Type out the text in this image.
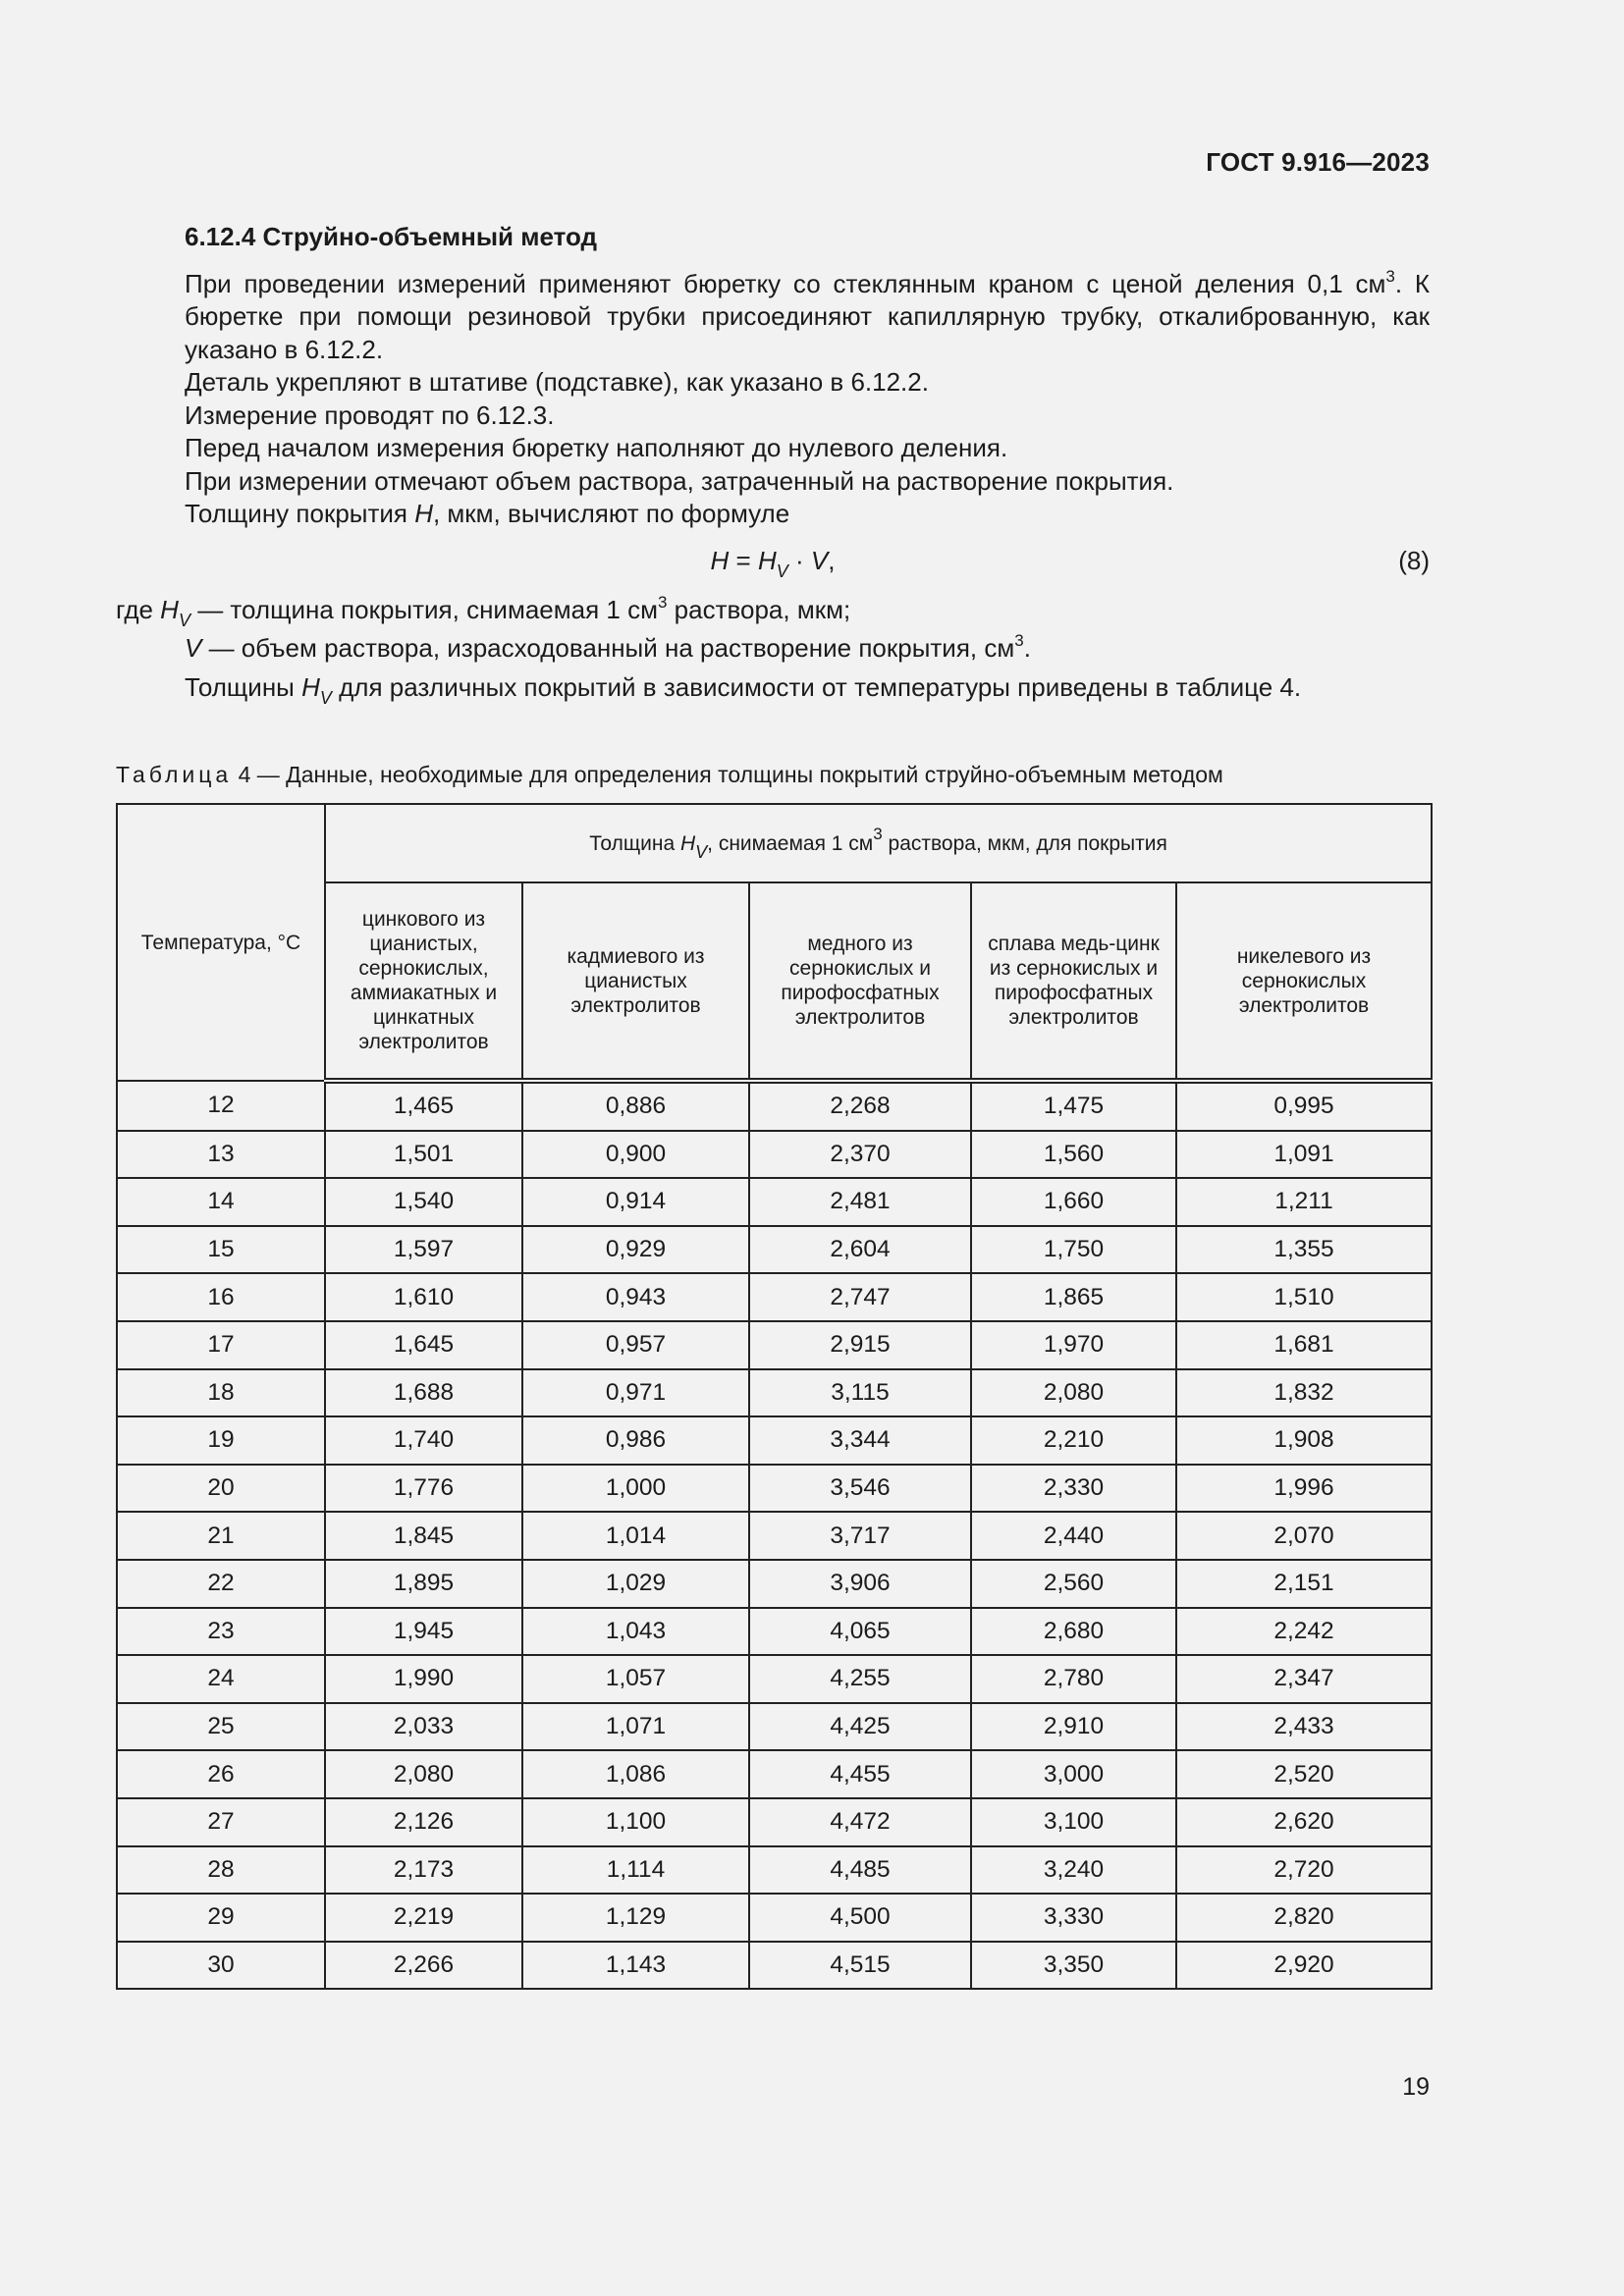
ГОСТ 9.916—2023

6.12.4 Струйно-объемный метод

При проведении измерений применяют бюретку со стеклянным краном с ценой деления 0,1 $см^3$. К бюретке при помощи резиновой трубки присоединяют капиллярную трубку, откалиброванную, как указано в 6.12.2.

Деталь укрепляют в штативе (подставке), как указано в 6.12.2.

Измерение проводят по 6.12.3.

Перед началом измерения бюретку наполняют до нулевого деления.

При измерении отмечают объем раствора, затраченный на растворение покрытия.

Толщину покрытия H, мкм, вычисляют по формуле

$H = H_V \cdot V$,	(8)

где $H_V$ — толщина покрытия, снимаемая 1 $см^3$ раствора, мкм;

V — объем раствора, израсходованный на растворение покрытия, $см^3$.

Толщины $H_V$ для различных покрытий в зависимости от температуры приведены в таблице 4.

Таблица 4 — Данные, необходимые для определения толщины покрытий струйно-объемным методом
Температура, °С	Толщина $H_V$, снимаемая 1 $см^3$ раствора, мкм, для покрытия				
	цинкового из цианистых, сернокислых, аммиакатных и цинкатных электролитов	кадмиевого из цианистых электролитов	медного из сернокислых и пирофосфатных электролитов	сплава медь-цинк из сернокислых и пирофосфатных электролитов	никелевого из сернокислых электролитов
12	1,465	0,886	2,268	1,475	0,995
13	1,501	0,900	2,370	1,560	1,091
14	1,540	0,914	2,481	1,660	1,211
15	1,597	0,929	2,604	1,750	1,355
16	1,610	0,943	2,747	1,865	1,510
17	1,645	0,957	2,915	1,970	1,681
18	1,688	0,971	3,115	2,080	1,832
19	1,740	0,986	3,344	2,210	1,908
20	1,776	1,000	3,546	2,330	1,996
21	1,845	1,014	3,717	2,440	2,070
22	1,895	1,029	3,906	2,560	2,151
23	1,945	1,043	4,065	2,680	2,242
24	1,990	1,057	4,255	2,780	2,347
25	2,033	1,071	4,425	2,910	2,433
26	2,080	1,086	4,455	3,000	2,520
27	2,126	1,100	4,472	3,100	2,620
28	2,173	1,114	4,485	3,240	2,720
29	2,219	1,129	4,500	3,330	2,820
30	2,266	1,143	4,515	3,350	2,920
19
